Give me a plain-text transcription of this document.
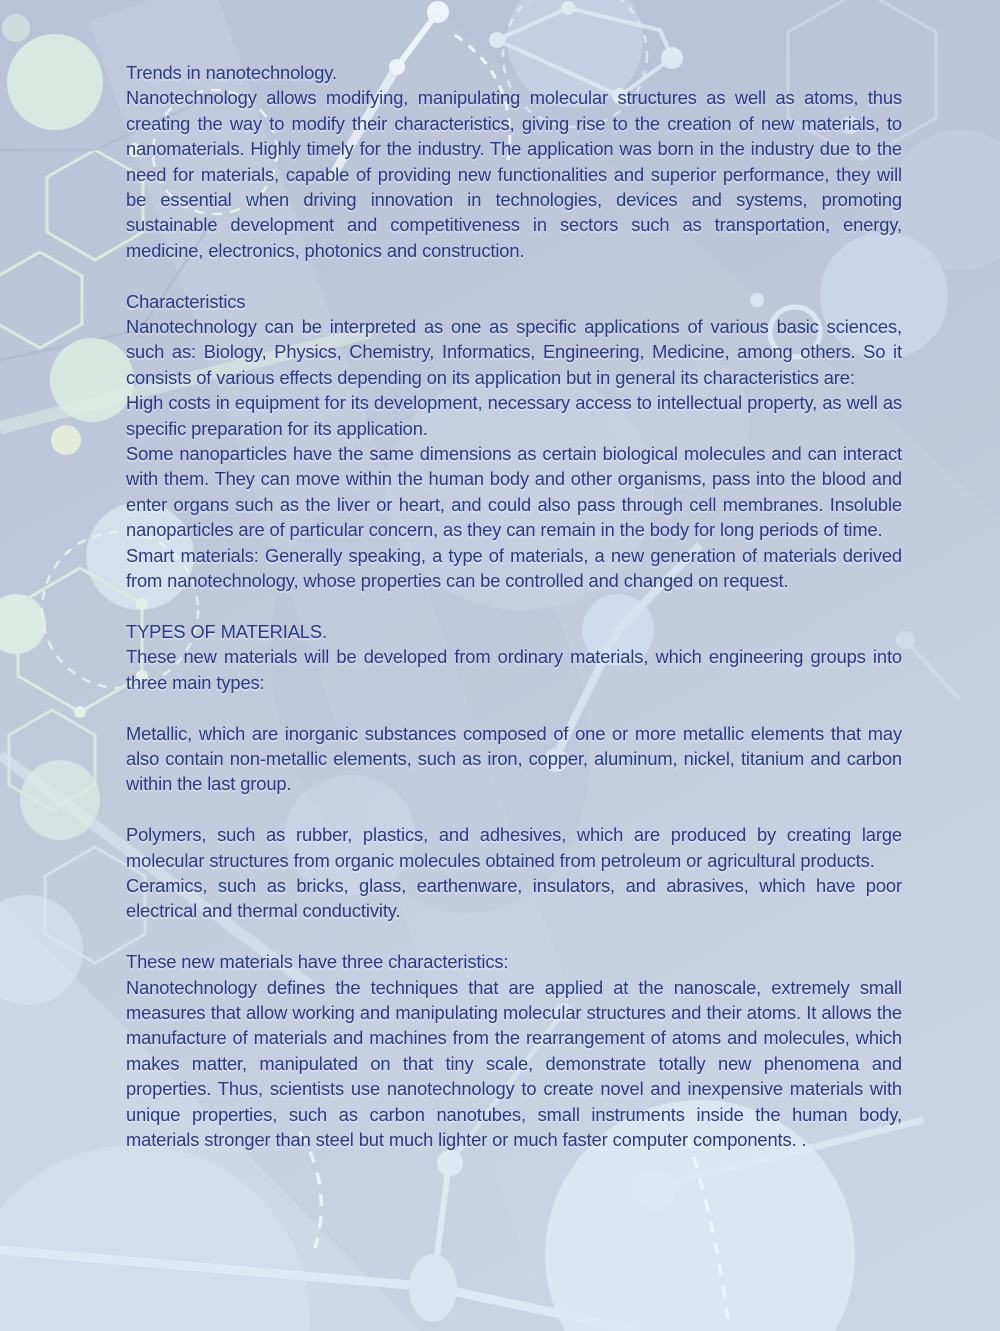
Trends in nanotechnology.

Nanotechnology allows modifying, manipulating molecular structures as well as atoms, thus creating the way to modify their characteristics, giving rise to the creation of new materials, to nanomaterials. Highly timely for the industry. The application was born in the industry due to the need for materials, capable of providing new functionalities and superior performance, they will be essential when driving innovation in technologies, devices and systems, promoting sustainable development and competitiveness in sectors such as transportation, energy, medicine, electronics, photonics and construction.

Characteristics

Nanotechnology can be interpreted as one as specific applications of various basic sciences, such as: Biology, Physics, Chemistry, Informatics, Engineering, Medicine, among others. So it consists of various effects depending on its application but in general its characteristics are:

High costs in equipment for its development, necessary access to intellectual property, as well as specific preparation for its application.

Some nanoparticles have the same dimensions as certain biological molecules and can interact with them. They can move within the human body and other organisms, pass into the blood and enter organs such as the liver or heart, and could also pass through cell membranes. Insoluble nanoparticles are of particular concern, as they can remain in the body for long periods of time.

Smart materials: Generally speaking, a type of materials, a new generation of materials derived from nanotechnology, whose properties can be controlled and changed on request.

TYPES OF MATERIALS.

These new materials will be developed from ordinary materials, which engineering groups into three main types:

Metallic, which are inorganic substances composed of one or more metallic elements that may also contain non-metallic elements, such as iron, copper, aluminum, nickel, titanium and carbon within the last group.

Polymers, such as rubber, plastics, and adhesives, which are produced by creating large molecular structures from organic molecules obtained from petroleum or agricultural products.

Ceramics, such as bricks, glass, earthenware, insulators, and abrasives, which have poor electrical and thermal conductivity.

These new materials have three characteristics:

Nanotechnology defines the techniques that are applied at the nanoscale, extremely small measures that allow working and manipulating molecular structures and their atoms. It allows the manufacture of materials and machines from the rearrangement of atoms and molecules, which makes matter, manipulated on that tiny scale, demonstrate totally new phenomena and properties. Thus, scientists use nanotechnology to create novel and inexpensive materials with unique properties, such as carbon nanotubes, small instruments inside the human body, materials stronger than steel but much lighter or much faster computer components. .
